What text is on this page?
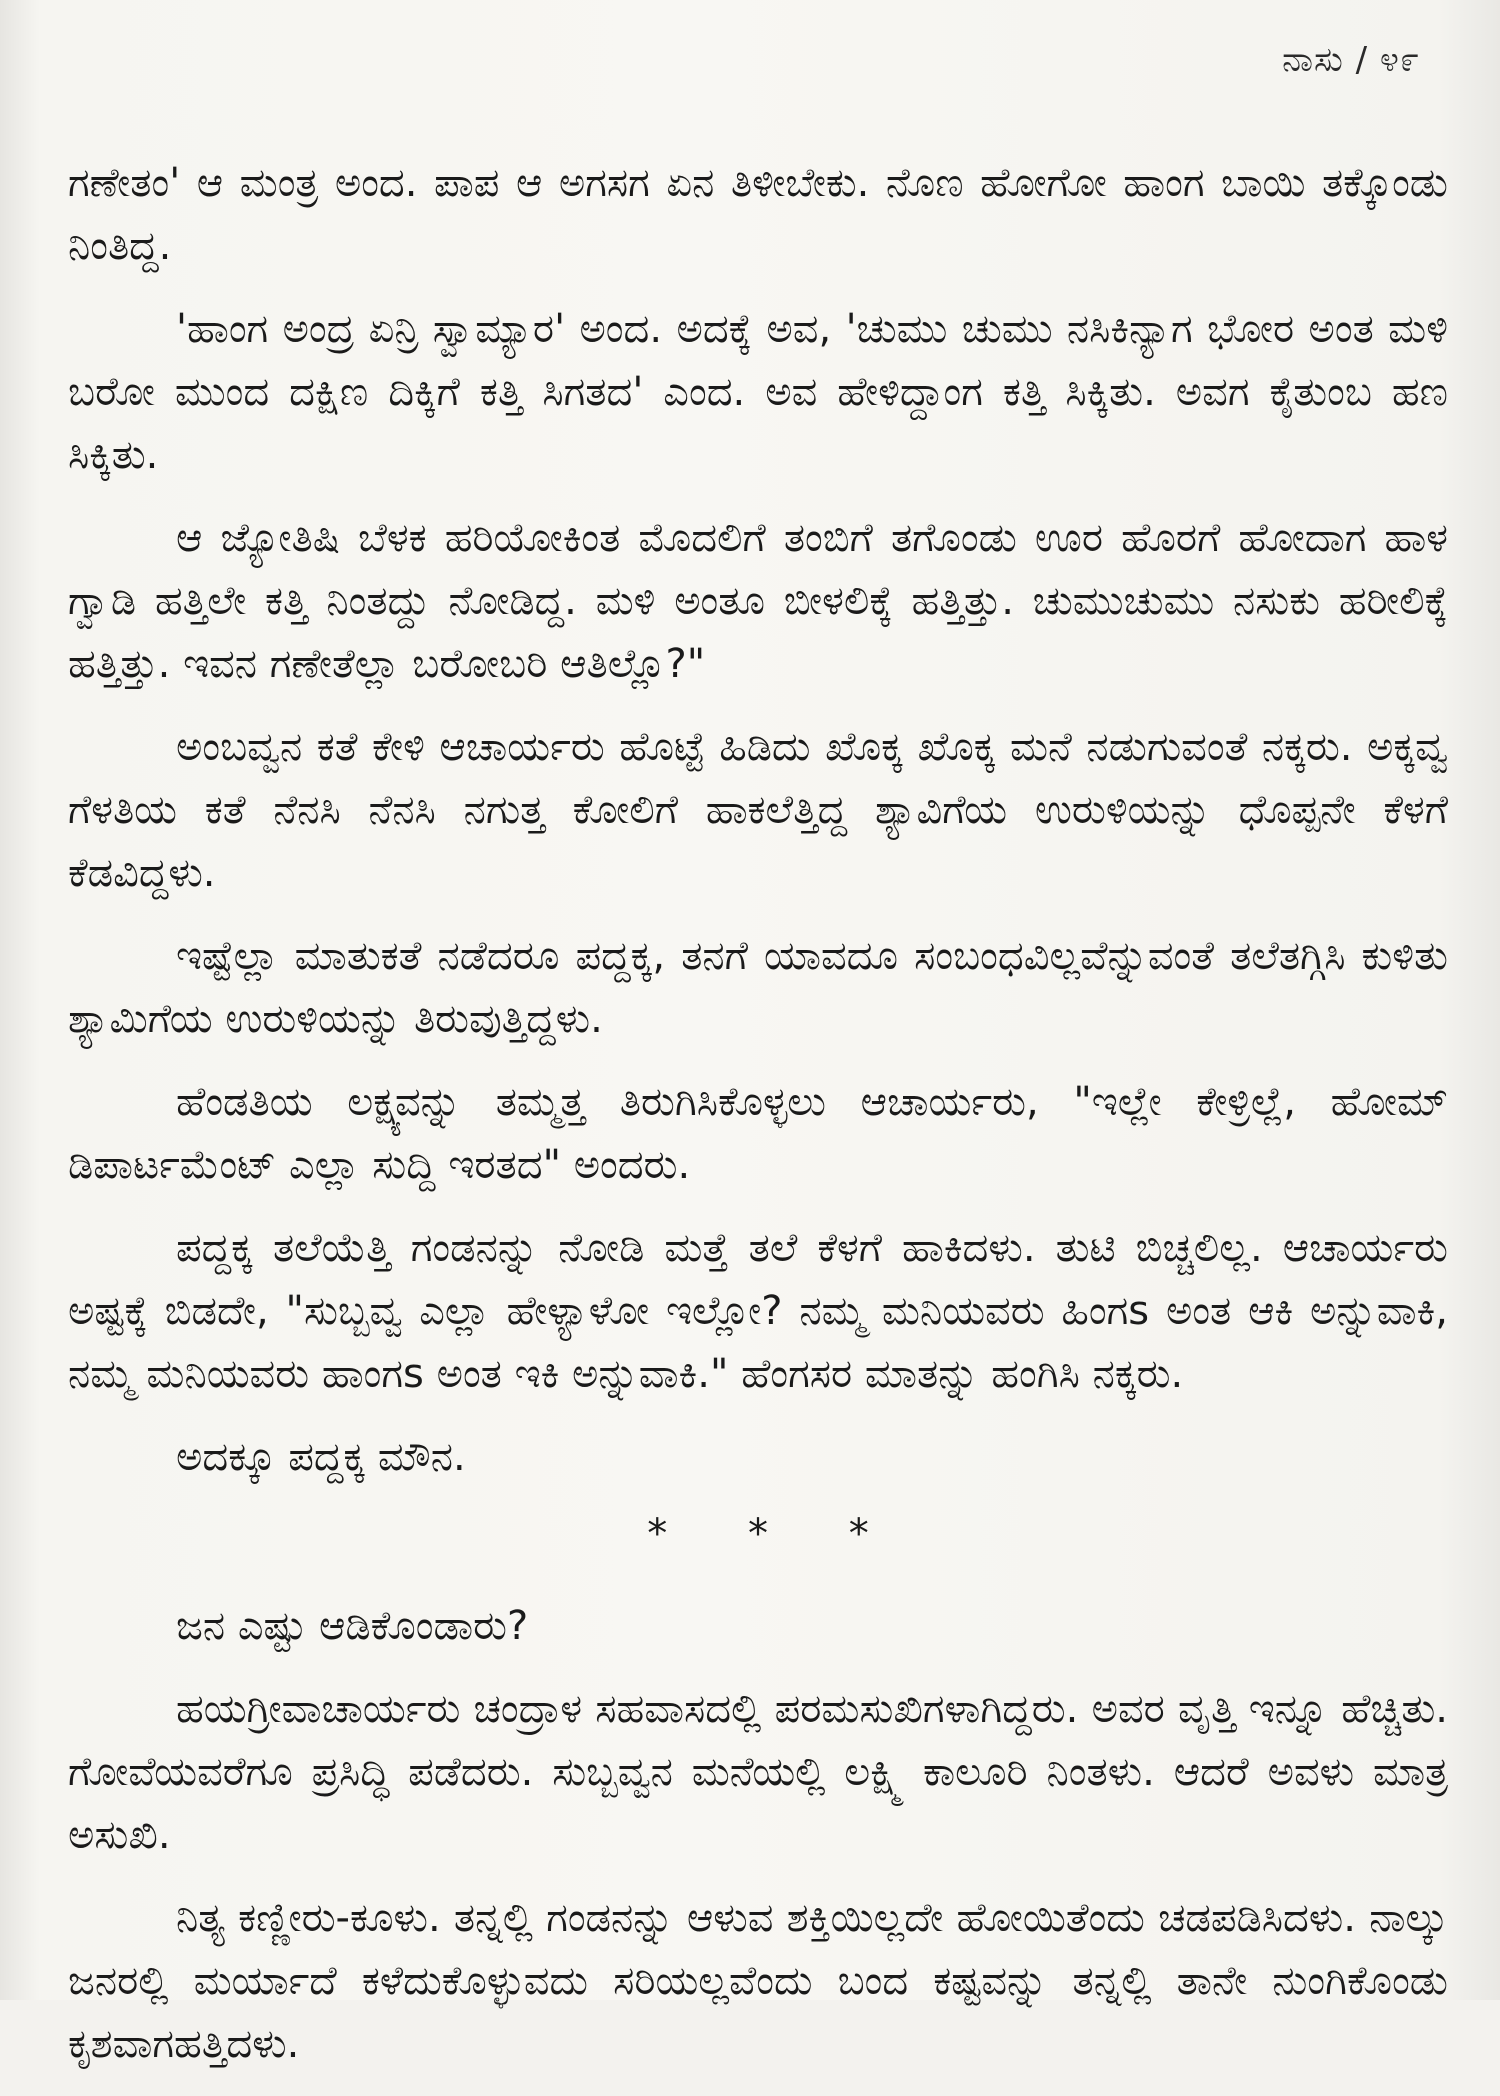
ನಾಸು / ೪೯

ಗಣೇತಂ' ಆ ಮಂತ್ರ ಅಂದ. ಪಾಪ ಆ ಅಗಸಗ ಏನ ತಿಳೀಬೇಕು. ನೊಣ ಹೋಗೋ ಹಾಂಗ ಬಾಯಿ ತಕ್ಕೊಂಡು ನಿಂತಿದ್ದ.

'ಹಾಂಗ ಅಂದ್ರ ಏನ್ರಿ ಸ್ವಾಮ್ಯಾರ' ಅಂದ. ಅದಕ್ಕೆ ಅವ, 'ಚುಮು ಚುಮು ನಸಿಕಿನ್ಯಾಗ ಭೋರ ಅಂತ ಮಳಿ ಬರೋ ಮುಂದ ದಕ್ಷಿಣ ದಿಕ್ಕಿಗೆ ಕತ್ತಿ ಸಿಗತದ' ಎಂದ. ಅವ ಹೇಳಿದ್ದಾಂಗ ಕತ್ತಿ ಸಿಕ್ಕಿತು. ಅವಗ ಕೈತುಂಬ ಹಣ ಸಿಕ್ಕಿತು.

ಆ ಜ್ಯೋತಿಷಿ ಬೆಳಕ ಹರಿಯೋಕಿಂತ ಮೊದಲಿಗೆ ತಂಬಿಗೆ ತಗೊಂಡು ಊರ ಹೊರಗೆ ಹೋದಾಗ ಹಾಳ ಗ್ವಾಡಿ ಹತ್ತಿಲೇ ಕತ್ತಿ ನಿಂತದ್ದು ನೋಡಿದ್ದ. ಮಳಿ ಅಂತೂ ಬೀಳಲಿಕ್ಕೆ ಹತ್ತಿತ್ತು. ಚುಮುಚುಮು ನಸುಕು ಹರೀಲಿಕ್ಕೆ ಹತ್ತಿತ್ತು. ಇವನ ಗಣೇತೆಲ್ಲಾ ಬರೋಬರಿ ಆತಿಲ್ಲೊ?"

ಅಂಬವ್ವನ ಕತೆ ಕೇಳಿ ಆಚಾರ್ಯರು ಹೊಟ್ಟೆ ಹಿಡಿದು ಖೊಕ್ಕ ಖೊಕ್ಕ ಮನೆ ನಡುಗುವಂತೆ ನಕ್ಕರು. ಅಕ್ಕವ್ವ ಗೆಳತಿಯ ಕತೆ ನೆನಸಿ ನೆನಸಿ ನಗುತ್ತ ಕೋಲಿಗೆ ಹಾಕಲೆತ್ತಿದ್ದ ಶ್ಯಾವಿಗೆಯ ಉರುಳಿಯನ್ನು ಧೊಪ್ಪನೇ ಕೆಳಗೆ ಕೆಡವಿದ್ದಳು.

ಇಷ್ಟೆಲ್ಲಾ ಮಾತುಕತೆ ನಡೆದರೂ ಪದ್ದಕ್ಕ, ತನಗೆ ಯಾವದೂ ಸಂಬಂಧವಿಲ್ಲವೆನ್ನುವಂತೆ ತಲೆತಗ್ಗಿಸಿ ಕುಳಿತು ಶ್ಯಾಮಿಗೆಯ ಉರುಳಿಯನ್ನು ತಿರುವುತ್ತಿದ್ದಳು.

ಹೆಂಡತಿಯ ಲಕ್ಷ್ಯವನ್ನು ತಮ್ಮತ್ತ ತಿರುಗಿಸಿಕೊಳ್ಳಲು ಆಚಾರ್ಯರು, "ಇಲ್ಲೇ ಕೇಳ್ರಿಲ್ಲೆ, ಹೋಮ್ ಡಿಪಾರ್ಟಮೆಂಟ್ ಎಲ್ಲಾ ಸುದ್ದಿ ಇರತದ" ಅಂದರು.

ಪದ್ದಕ್ಕ ತಲೆಯೆತ್ತಿ ಗಂಡನನ್ನು ನೋಡಿ ಮತ್ತೆ ತಲೆ ಕೆಳಗೆ ಹಾಕಿದಳು. ತುಟಿ ಬಿಚ್ಚಲಿಲ್ಲ. ಆಚಾರ್ಯರು ಅಷ್ಟಕ್ಕೆ ಬಿಡದೇ, "ಸುಬ್ಬವ್ವ ಎಲ್ಲಾ ಹೇಳ್ಯಾಳೋ ಇಲ್ಲೋ? ನಮ್ಮ ಮನಿಯವರು ಹಿಂಗs ಅಂತ ಆಕಿ ಅನ್ನುವಾಕಿ, ನಮ್ಮ ಮನಿಯವರು ಹಾಂಗs ಅಂತ ಇಕಿ ಅನ್ನುವಾಕಿ." ಹೆಂಗಸರ ಮಾತನ್ನು ಹಂಗಿಸಿ ನಕ್ಕರು.

ಅದಕ್ಕೂ ಪದ್ದಕ್ಕ ಮೌನ.

* * *

ಜನ ಎಷ್ಟು ಆಡಿಕೊಂಡಾರು?

ಹಯಗ್ರೀವಾಚಾರ್ಯರು ಚಂದ್ರಾಳ ಸಹವಾಸದಲ್ಲಿ ಪರಮಸುಖಿಗಳಾಗಿದ್ದರು. ಅವರ ವೃತ್ತಿ ಇನ್ನೂ ಹೆಚ್ಚಿತು. ಗೋವೆಯವರೆಗೂ ಪ್ರಸಿದ್ಧಿ ಪಡೆದರು. ಸುಬ್ಬವ್ವನ ಮನೆಯಲ್ಲಿ ಲಕ್ಷ್ಮಿ ಕಾಲೂರಿ ನಿಂತಳು. ಆದರೆ ಅವಳು ಮಾತ್ರ ಅಸುಖಿ.

ನಿತ್ಯ ಕಣ್ಣೀರು-ಕೂಳು. ತನ್ನಲ್ಲಿ ಗಂಡನನ್ನು ಆಳುವ ಶಕ್ತಿಯಿಲ್ಲದೇ ಹೋಯಿತೆಂದು ಚಡಪಡಿಸಿದಳು. ನಾಲ್ಕು ಜನರಲ್ಲಿ ಮರ್ಯಾದೆ ಕಳೆದುಕೊಳ್ಳುವದು ಸರಿಯಲ್ಲವೆಂದು ಬಂದ ಕಷ್ಟವನ್ನು ತನ್ನಲ್ಲಿ ತಾನೇ ನುಂಗಿಕೊಂಡು ಕೃಶವಾಗಹತ್ತಿದಳು.
